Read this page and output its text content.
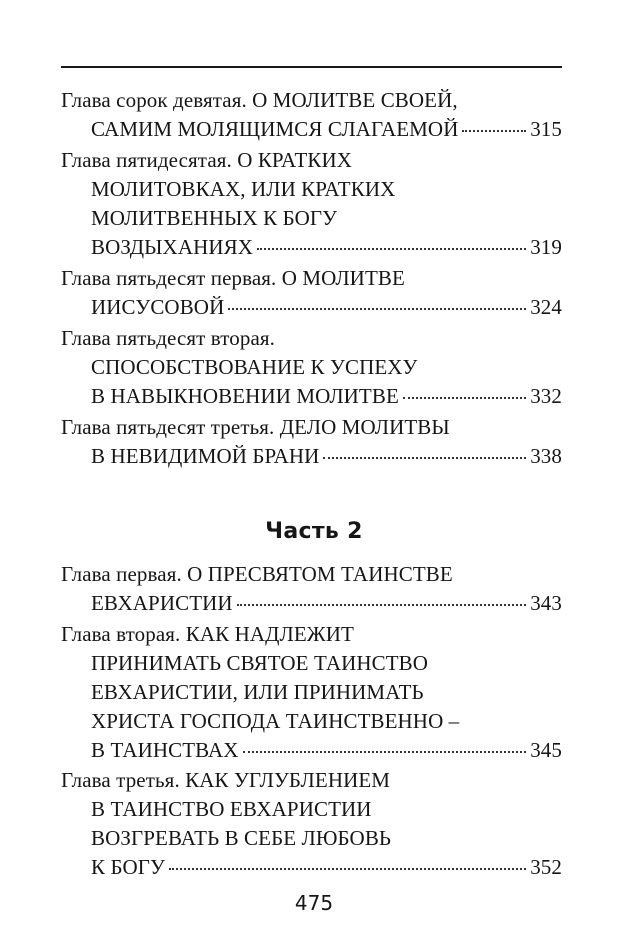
Глава сорок девятая. О МОЛИТВЕ СВОЕЙ,
САМИМ МОЛЯЩИМСЯ СЛАГАЕМОЙ	315
Глава пятидесятая. О КРАТКИХ
МОЛИТОВКАХ, ИЛИ КРАТКИХ
МОЛИТВЕННЫХ К БОГУ
ВОЗДЫХАНИЯХ	319
Глава пятьдесят первая. О МОЛИТВЕ
ИИСУСОВОЙ	324
Глава пятьдесят вторая.
СПОСОБСТВОВАНИЕ К УСПЕХУ
В НАВЫКНОВЕНИИ МОЛИТВЕ	332
Глава пятьдесят третья. ДЕЛО МОЛИТВЫ
В НЕВИДИМОЙ БРАНИ	338
Глава первая. О ПРЕСВЯТОМ ТАИНСТВЕ
ЕВХАРИСТИИ	343
Глава вторая. КАК НАДЛЕЖИТ
ПРИНИМАТЬ СВЯТОЕ ТАИНСТВО
ЕВХАРИСТИИ, ИЛИ ПРИНИМАТЬ
ХРИСТА ГОСПОДА ТАИНСТВЕННО –
В ТАИНСТВАХ	345
Глава третья. КАК УГЛУБЛЕНИЕМ
В ТАИНСТВО ЕВХАРИСТИИ
ВОЗГРЕВАТЬ В СЕБЕ ЛЮБОВЬ
К БОГУ	352
Часть 2
475
